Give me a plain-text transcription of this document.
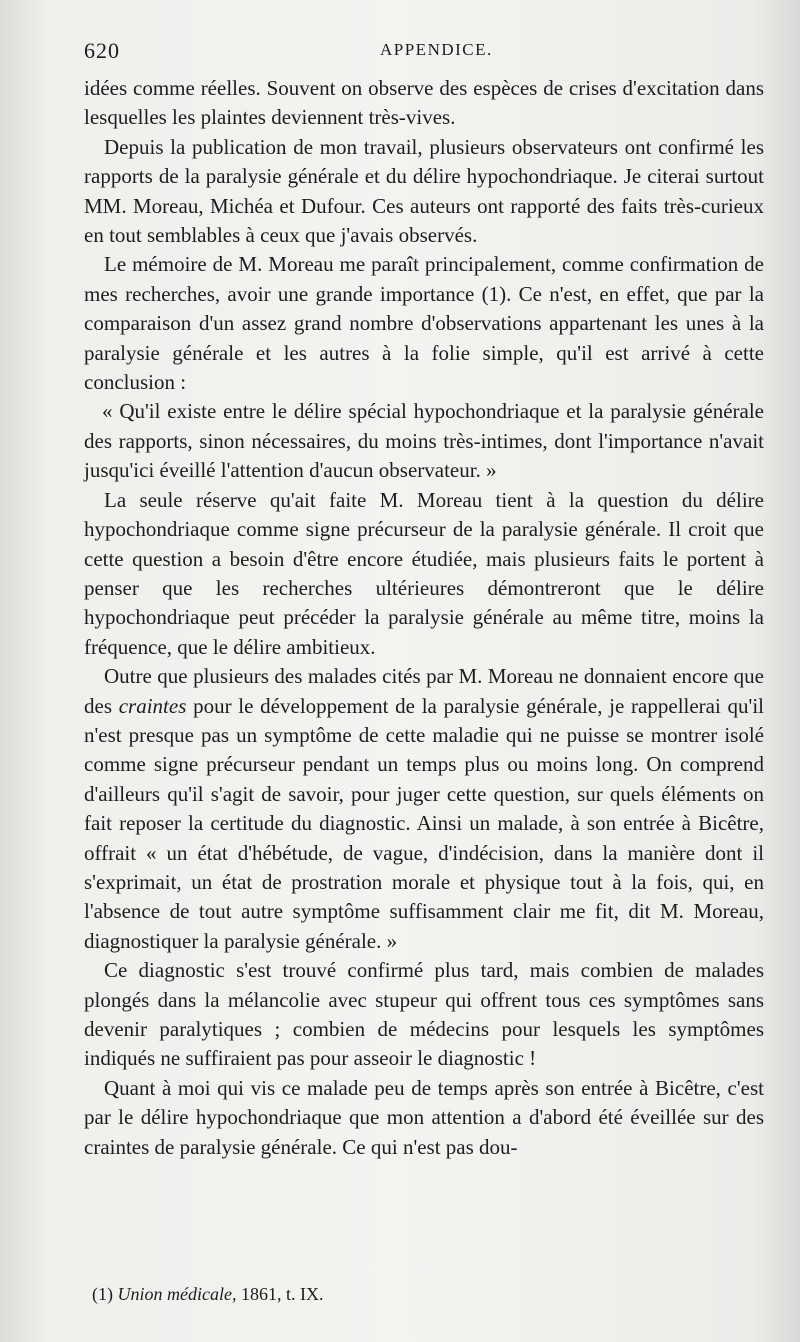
620	APPENDICE.

idées comme réelles. Souvent on observe des espèces de crises d'excitation dans lesquelles les plaintes deviennent très-vives.

Depuis la publication de mon travail, plusieurs observateurs ont confirmé les rapports de la paralysie générale et du délire hypochondriaque. Je citerai surtout MM. Moreau, Michéa et Dufour. Ces auteurs ont rapporté des faits très-curieux en tout semblables à ceux que j'avais observés.

Le mémoire de M. Moreau me paraît principalement, comme confirmation de mes recherches, avoir une grande importance (1). Ce n'est, en effet, que par la comparaison d'un assez grand nombre d'observations appartenant les unes à la paralysie générale et les autres à la folie simple, qu'il est arrivé à cette conclusion :

« Qu'il existe entre le délire spécial hypochondriaque et la paralysie générale des rapports, sinon nécessaires, du moins très-intimes, dont l'importance n'avait jusqu'ici éveillé l'attention d'aucun observateur. »

La seule réserve qu'ait faite M. Moreau tient à la question du délire hypochondriaque comme signe précurseur de la paralysie générale. Il croit que cette question a besoin d'être encore étudiée, mais plusieurs faits le portent à penser que les recherches ultérieures démontreront que le délire hypochondriaque peut précéder la paralysie générale au même titre, moins la fréquence, que le délire ambitieux.

Outre que plusieurs des malades cités par M. Moreau ne donnaient encore que des craintes pour le développement de la paralysie générale, je rappellerai qu'il n'est presque pas un symptôme de cette maladie qui ne puisse se montrer isolé comme signe précurseur pendant un temps plus ou moins long. On comprend d'ailleurs qu'il s'agit de savoir, pour juger cette question, sur quels éléments on fait reposer la certitude du diagnostic. Ainsi un malade, à son entrée à Bicêtre, offrait « un état d'hébétude, de vague, d'indécision, dans la manière dont il s'exprimait, un état de prostration morale et physique tout à la fois, qui, en l'absence de tout autre symptôme suffisamment clair me fit, dit M. Moreau, diagnostiquer la paralysie générale. »

Ce diagnostic s'est trouvé confirmé plus tard, mais combien de malades plongés dans la mélancolie avec stupeur qui offrent tous ces symptômes sans devenir paralytiques ; combien de médecins pour lesquels les symptômes indiqués ne suffiraient pas pour asseoir le diagnostic !

Quant à moi qui vis ce malade peu de temps après son entrée à Bicêtre, c'est par le délire hypochondriaque que mon attention a d'abord été éveillée sur des craintes de paralysie générale. Ce qui n'est pas dou-

(1) Union médicale, 1861, t. IX.
